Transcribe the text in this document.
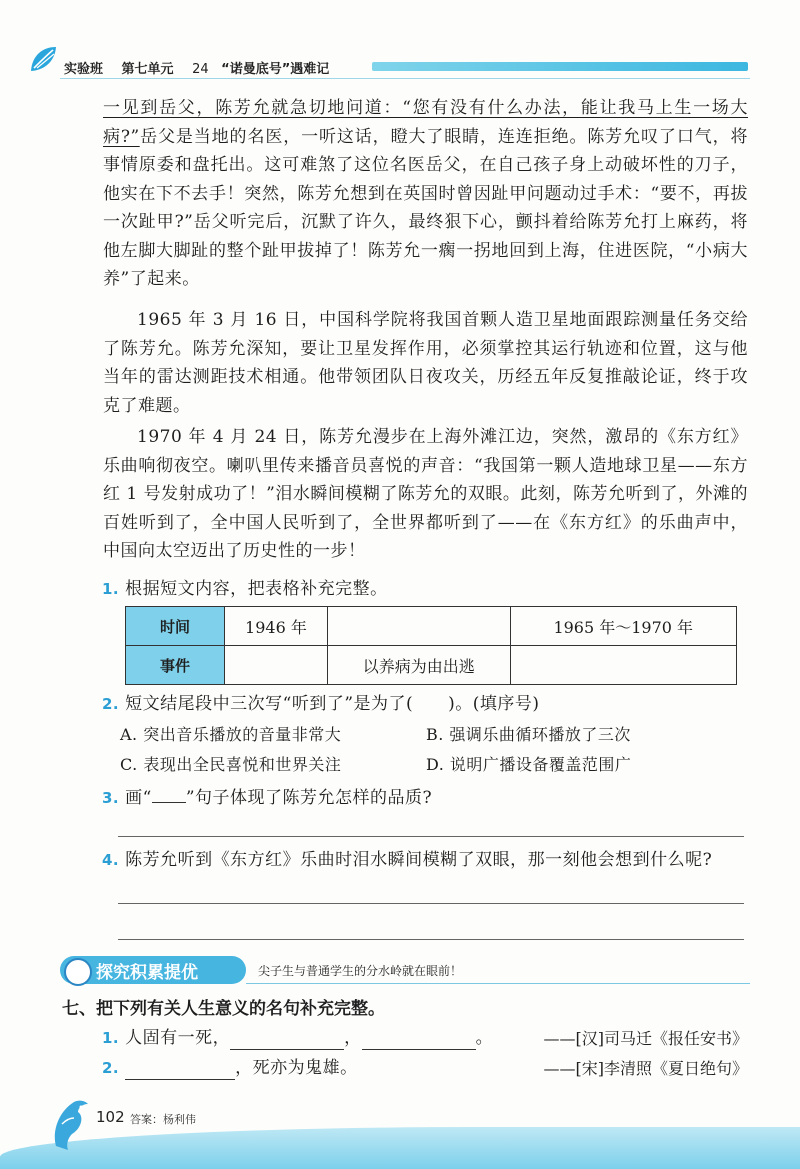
实验班 第七单元 24 “诺曼底号”遇难记
一见到岳父，陈芳允就急切地问道：“您有没有什么办法，能让我马上生一场大病?”岳父是当地的名医，一听这话，瞪大了眼睛，连连拒绝。陈芳允叹了口气，将事情原委和盘托出。这可难煞了这位名医岳父，在自己孩子身上动破坏性的刀子，他实在下不去手！突然，陈芳允想到在英国时曾因趾甲问题动过手术：“要不，再拔一次趾甲?”岳父听完后，沉默了许久，最终狠下心，颤抖着给陈芳允打上麻药，将他左脚大脚趾的整个趾甲拔掉了！陈芳允一瘸一拐地回到上海，住进医院，“小病大养”了起来。
1965 年 3 月 16 日，中国科学院将我国首颗人造卫星地面跟踪测量任务交给了陈芳允。陈芳允深知，要让卫星发挥作用，必须掌控其运行轨迹和位置，这与他当年的雷达测距技术相通。他带领团队日夜攻关，历经五年反复推敲论证，终于攻克了难题。
1970 年 4 月 24 日，陈芳允漫步在上海外滩江边，突然，激昂的《东方红》乐曲响彻夜空。喇叭里传来播音员喜悦的声音：“我国第一颗人造地球卫星——东方红 1 号发射成功了！”泪水瞬间模糊了陈芳允的双眼。此刻，陈芳允听到了，外滩的百姓听到了，全中国人民听到了，全世界都听到了——在《东方红》的乐曲声中，中国向太空迈出了历史性的一步！
1. 根据短文内容，把表格补充完整。
时间	1946 年		1965 年～1970 年
事件		以养病为由出逃	
2. 短文结尾段中三次写“听到了”是为了(　　)。(填序号)
A. 突出音乐播放的音量非常大	B. 强调乐曲循环播放了三次
C. 表现出全民喜悦和世界关注	D. 说明广播设备覆盖范围广
3. 画“ ”句子体现了陈芳允怎样的品质?
4. 陈芳允听到《东方红》乐曲时泪水瞬间模糊了双眼，那一刻他会想到什么呢?
探究积累提优	尖子生与普通学生的分水岭就在眼前！
七、把下列有关人生意义的名句补充完整。
1. 人固有一死，	，	。	——[汉]司马迁《报任安书》
2.	，死亦为鬼雄。	——[宋]李清照《夏日绝句》
102 答案：杨利伟
